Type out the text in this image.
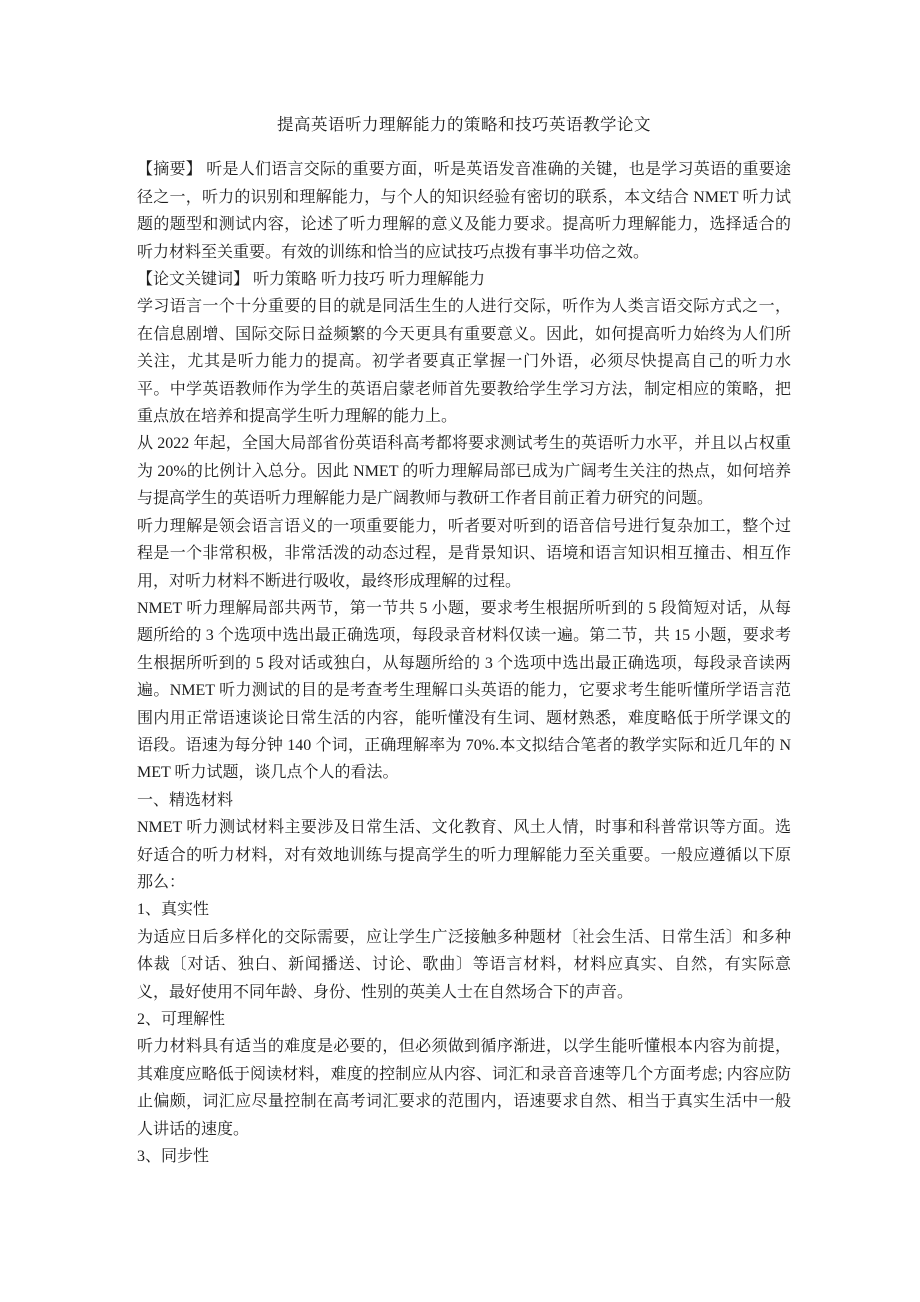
提高英语听力理解能力的策略和技巧英语教学论文

【摘要】 听是人们语言交际的重要方面，听是英语发音准确的关键，也是学习英语的重要途径之一，听力的识别和理解能力，与个人的知识经验有密切的联系，本文结合 NMET 听力试题的题型和测试内容，论述了听力理解的意义及能力要求。提高听力理解能力，选择适合的听力材料至关重要。有效的训练和恰当的应试技巧点拨有事半功倍之效。

【论文关键词】 听力策略 听力技巧 听力理解能力

学习语言一个十分重要的目的就是同活生生的人进行交际，听作为人类言语交际方式之一，在信息剧增、国际交际日益频繁的今天更具有重要意义。因此，如何提高听力始终为人们所关注，尤其是听力能力的提高。初学者要真正掌握一门外语，必须尽快提高自己的听力水平。中学英语教师作为学生的英语启蒙老师首先要教给学生学习方法，制定相应的策略，把重点放在培养和提高学生听力理解的能力上。

从 2022 年起，全国大局部省份英语科高考都将要求测试考生的英语听力水平，并且以占权重为 20%的比例计入总分。因此 NMET 的听力理解局部已成为广阔考生关注的热点，如何培养与提高学生的英语听力理解能力是广阔教师与教研工作者目前正着力研究的问题。

听力理解是领会语言语义的一项重要能力，听者要对听到的语音信号进行复杂加工，整个过程是一个非常积极，非常活泼的动态过程，是背景知识、语境和语言知识相互撞击、相互作用，对听力材料不断进行吸收，最终形成理解的过程。

NMET 听力理解局部共两节，第一节共 5 小题，要求考生根据所听到的 5 段简短对话，从每题所给的 3 个选项中选出最正确选项，每段录音材料仅读一遍。第二节，共 15 小题，要求考生根据所听到的 5 段对话或独白，从每题所给的 3 个选项中选出最正确选项，每段录音读两遍。NMET 听力测试的目的是考查考生理解口头英语的能力，它要求考生能听懂所学语言范围内用正常语速谈论日常生活的内容，能听懂没有生词、题材熟悉，难度略低于所学课文的语段。语速为每分钟 140 个词，正确理解率为 70%.本文拟结合笔者的教学实际和近几年的 NMET 听力试题，谈几点个人的看法。

一、精选材料

NMET 听力测试材料主要涉及日常生活、文化教育、风土人情，时事和科普常识等方面。选好适合的听力材料，对有效地训练与提高学生的听力理解能力至关重要。一般应遵循以下原那么：

1、真实性

为适应日后多样化的交际需要，应让学生广泛接触多种题材〔社会生活、日常生活〕和多种体裁〔对话、独白、新闻播送、讨论、歌曲〕等语言材料，材料应真实、自然，有实际意义，最好使用不同年龄、身份、性别的英美人士在自然场合下的声音。

2、可理解性

听力材料具有适当的难度是必要的，但必须做到循序渐进，以学生能听懂根本内容为前提，其难度应略低于阅读材料，难度的控制应从内容、词汇和录音音速等几个方面考虑; 内容应防止偏颇，词汇应尽量控制在高考词汇要求的范围内，语速要求自然、相当于真实生活中一般人讲话的速度。

3、同步性
